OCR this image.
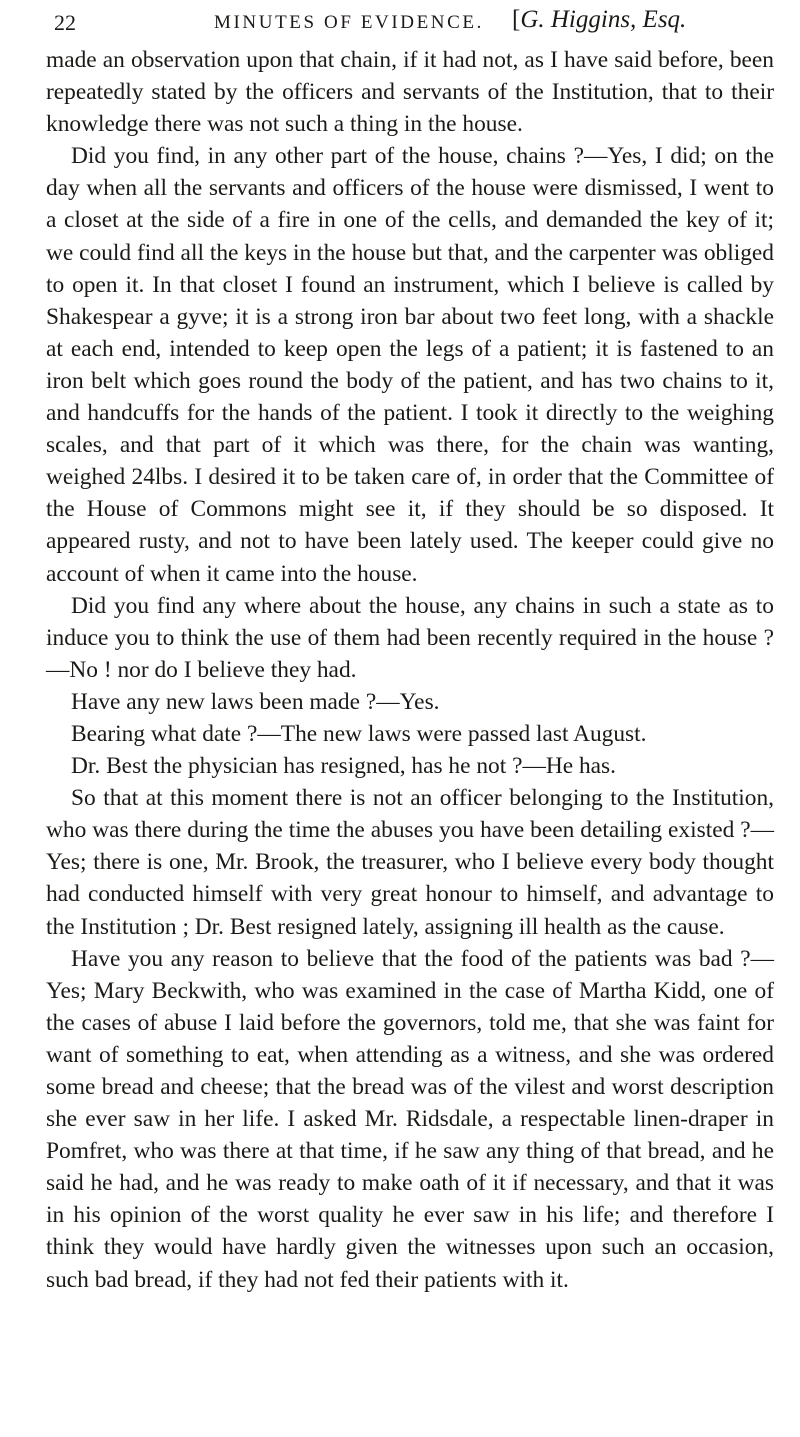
22	MINUTES OF EVIDENCE. [G. Higgins, Esq.

made an observation upon that chain, if it had not, as I have said before, been repeatedly stated by the officers and servants of the Institution, that to their knowledge there was not such a thing in the house.

Did you find, in any other part of the house, chains ?—Yes, I did; on the day when all the servants and officers of the house were dismissed, I went to a closet at the side of a fire in one of the cells, and demanded the key of it; we could find all the keys in the house but that, and the carpenter was obliged to open it. In that closet I found an instrument, which I believe is called by Shakespear a gyve; it is a strong iron bar about two feet long, with a shackle at each end, intended to keep open the legs of a patient; it is fastened to an iron belt which goes round the body of the patient, and has two chains to it, and handcuffs for the hands of the patient. I took it directly to the weighing scales, and that part of it which was there, for the chain was wanting, weighed 24lbs. I desired it to be taken care of, in order that the Committee of the House of Commons might see it, if they should be so disposed. It appeared rusty, and not to have been lately used. The keeper could give no account of when it came into the house.

Did you find any where about the house, any chains in such a state as to induce you to think the use of them had been recently required in the house ?—No ! nor do I believe they had.

Have any new laws been made ?—Yes.

Bearing what date ?—The new laws were passed last August.

Dr. Best the physician has resigned, has he not ?—He has.

So that at this moment there is not an officer belonging to the Institution, who was there during the time the abuses you have been detailing existed ?—Yes; there is one, Mr. Brook, the treasurer, who I believe every body thought had conducted himself with very great honour to himself, and advantage to the Institution ; Dr. Best resigned lately, assigning ill health as the cause.

Have you any reason to believe that the food of the patients was bad ?—Yes; Mary Beckwith, who was examined in the case of Martha Kidd, one of the cases of abuse I laid before the governors, told me, that she was faint for want of something to eat, when attending as a witness, and she was ordered some bread and cheese; that the bread was of the vilest and worst description she ever saw in her life. I asked Mr. Ridsdale, a respectable linen-draper in Pomfret, who was there at that time, if he saw any thing of that bread, and he said he had, and he was ready to make oath of it if necessary, and that it was in his opinion of the worst quality he ever saw in his life; and therefore I think they would have hardly given the witnesses upon such an occasion, such bad bread, if they had not fed their patients with it.
